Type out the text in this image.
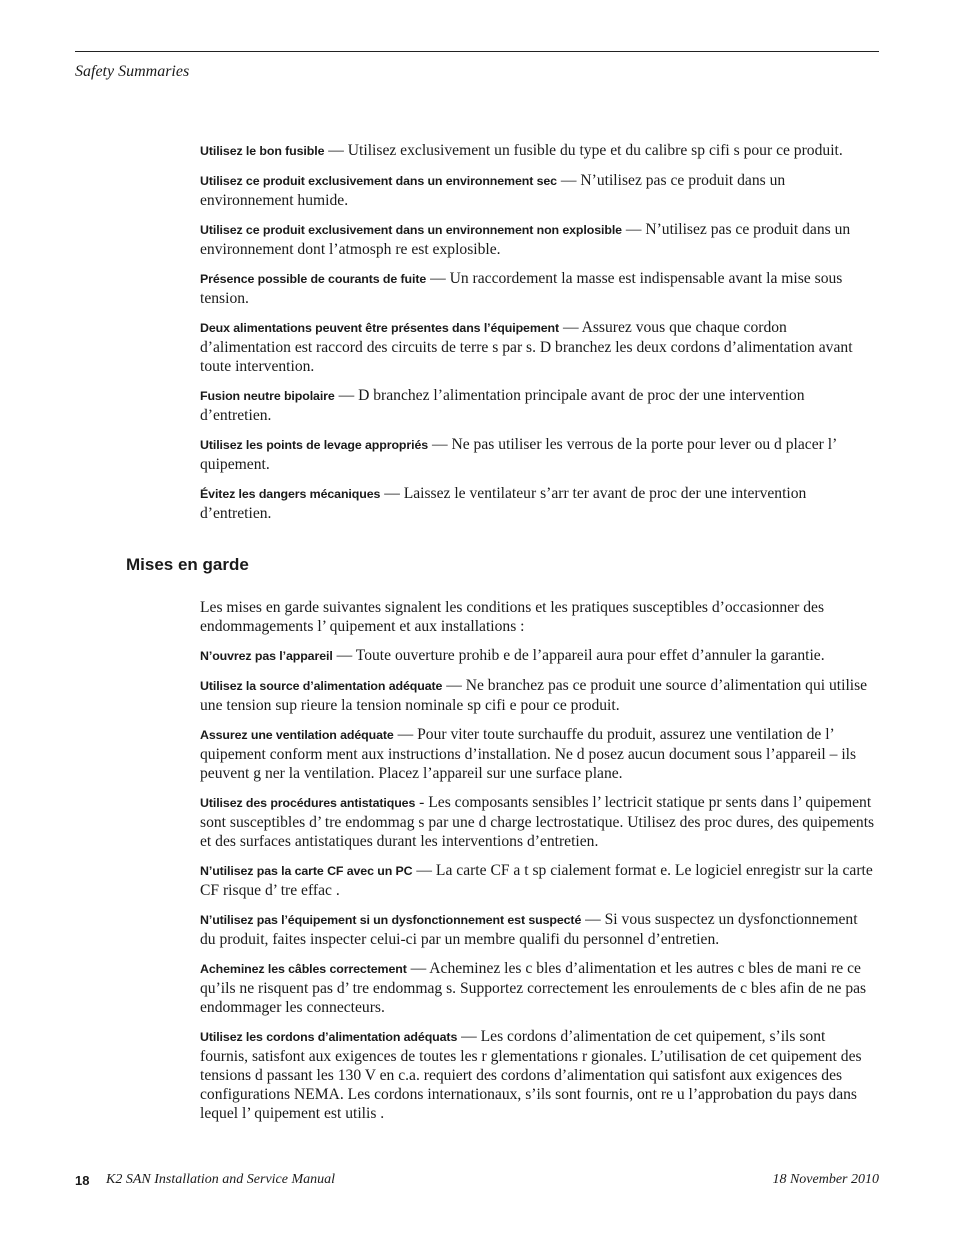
Safety Summaries

Utilisez le bon fusible — Utilisez exclusivement un fusible du type et du calibre sp cifi s pour ce produit.

Utilisez ce produit exclusivement dans un environnement sec — N’utilisez pas ce produit dans un environnement humide.

Utilisez ce produit exclusivement dans un environnement non explosible — N’utilisez pas ce produit dans un environnement dont l’atmosph re est explosible.

Présence possible de courants de fuite — Un raccordement la masse est indispensable avant la mise sous tension.

Deux alimentations peuvent être présentes dans l’équipement — Assurez vous que chaque cordon d’alimentation est raccord des circuits de terre s par s. D branchez les deux cordons d’alimentation avant toute intervention.

Fusion neutre bipolaire — D branchez l’alimentation principale avant de proc der une intervention d’entretien.

Utilisez les points de levage appropriés — Ne pas utiliser les verrous de la porte pour lever ou d placer l’ quipement.

Évitez les dangers mécaniques — Laissez le ventilateur s’arr ter avant de proc der une intervention d’entretien.

Mises en garde

Les mises en garde suivantes signalent les conditions et les pratiques susceptibles d’occasionner des endommagements l’ quipement et aux installations :

N’ouvrez pas l’appareil — Toute ouverture prohib e de l’appareil aura pour effet d’annuler la garantie.

Utilisez la source d’alimentation adéquate — Ne branchez pas ce produit une source d’alimentation qui utilise une tension sup rieure la tension nominale sp cifi e pour ce produit.

Assurez une ventilation adéquate — Pour viter toute surchauffe du produit, assurez une ventilation de l’ quipement conform ment aux instructions d’installation. Ne d posez aucun document sous l’appareil – ils peuvent g ner la ventilation. Placez l’appareil sur une surface plane.

Utilisez des procédures antistatiques - Les composants sensibles l’ lectricit statique pr sents dans l’ quipement sont susceptibles d’ tre endommag s par une d charge lectrostatique. Utilisez des proc dures, des quipements et des surfaces antistatiques durant les interventions d’entretien.

N’utilisez pas la carte CF avec un PC — La carte CF a t sp cialement format e. Le logiciel enregistr sur la carte CF risque d’ tre effac .

N’utilisez pas l’équipement si un dysfonctionnement est suspecté — Si vous suspectez un dysfonctionnement du produit, faites inspecter celui-ci par un membre qualifi du personnel d’entretien.

Acheminez les câbles correctement — Acheminez les c bles d’alimentation et les autres c bles de mani re ce qu’ils ne risquent pas d’ tre endommag s. Supportez correctement les enroulements de c bles afin de ne pas endommager les connecteurs.

Utilisez les cordons d’alimentation adéquats — Les cordons d’alimentation de cet quipement, s’ils sont fournis, satisfont aux exigences de toutes les r glementations r gionales. L’utilisation de cet quipement des tensions d passant les 130 V en c.a. requiert des cordons d’alimentation qui satisfont aux exigences des configurations NEMA. Les cordons internationaux, s’ils sont fournis, ont re u l’approbation du pays dans lequel l’ quipement est utilis .

18 K2 SAN Installation and Service Manual	18 November 2010
